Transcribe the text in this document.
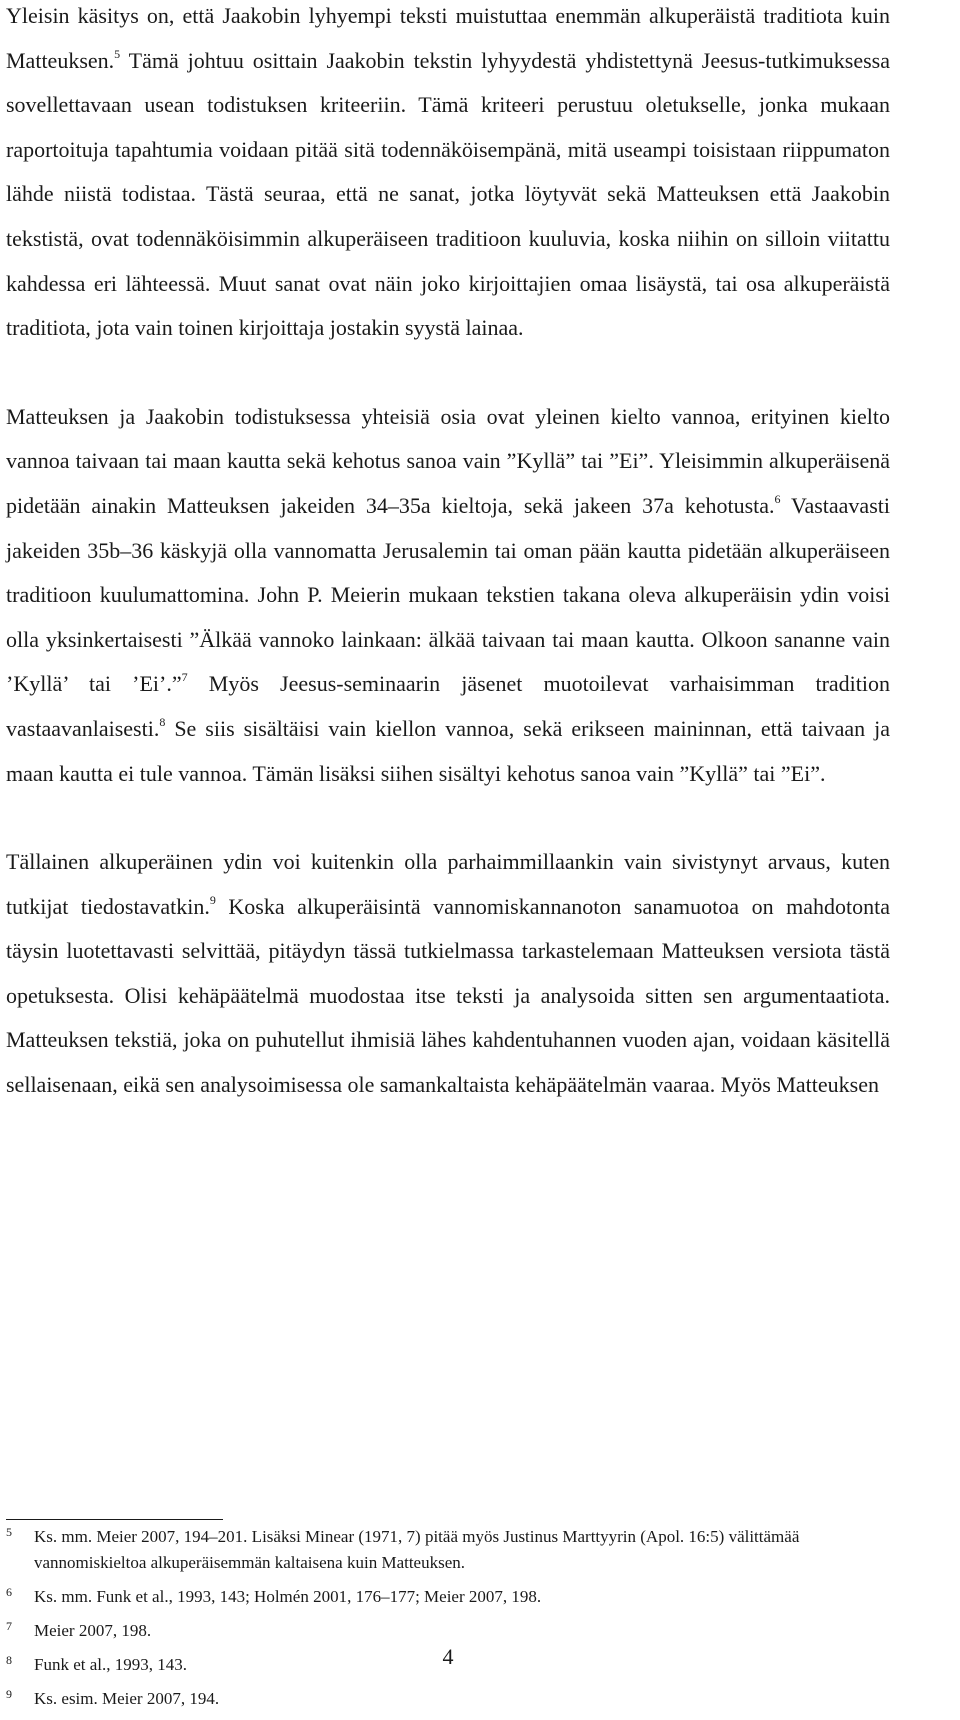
Yleisin käsitys on, että Jaakobin lyhyempi teksti muistuttaa enemmän alkuperäistä traditiota kuin Matteuksen.$^5$ Tämä johtuu osittain Jaakobin tekstin lyhyydestä yhdistettynä Jeesus-tutkimuksessa sovellettavaan usean todistuksen kriteeriin. Tämä kriteeri perustuu oletukselle, jonka mukaan raportoituja tapahtumia voidaan pitää sitä todennäköisempänä, mitä useampi toisistaan riippumaton lähde niistä todistaa. Tästä seuraa, että ne sanat, jotka löytyvät sekä Matteuksen että Jaakobin tekstistä, ovat todennäköisimmin alkuperäiseen traditioon kuuluvia, koska niihin on silloin viitattu kahdessa eri lähteessä. Muut sanat ovat näin joko kirjoittajien omaa lisäystä, tai osa alkuperäistä traditiota, jota vain toinen kirjoittaja jostakin syystä lainaa.

Matteuksen ja Jaakobin todistuksessa yhteisiä osia ovat yleinen kielto vannoa, erityinen kielto vannoa taivaan tai maan kautta sekä kehotus sanoa vain ”Kyllä” tai ”Ei”. Yleisimmin alkuperäisenä pidetään ainakin Matteuksen jakeiden 34–35a kieltoja, sekä jakeen 37a kehotusta.$^6$ Vastaavasti jakeiden 35b–36 käskyjä olla vannomatta Jerusalemin tai oman pään kautta pidetään alkuperäiseen traditioon kuulumattomina. John P. Meierin mukaan tekstien takana oleva alkuperäisin ydin voisi olla yksinkertaisesti ”Älkää vannoko lainkaan: älkää taivaan tai maan kautta. Olkoon sananne vain ’Kyllä’ tai ’Ei’.”$^7$ Myös Jeesus-seminaarin jäsenet muotoilevat varhaisimman tradition vastaavanlaisesti.$^8$ Se siis sisältäisi vain kiellon vannoa, sekä erikseen maininnan, että taivaan ja maan kautta ei tule vannoa. Tämän lisäksi siihen sisältyi kehotus sanoa vain ”Kyllä” tai ”Ei”.

Tällainen alkuperäinen ydin voi kuitenkin olla parhaimmillaankin vain sivistynyt arvaus, kuten tutkijat tiedostavatkin.$^9$ Koska alkuperäisintä vannomiskannanoton sanamuotoa on mahdotonta täysin luotettavasti selvittää, pitäydyn tässä tutkielmassa tarkastelemaan Matteuksen versiota tästä opetuksesta. Olisi kehäpäätelmä muodostaa itse teksti ja analysoida sitten sen argumentaatiota. Matteuksen tekstiä, joka on puhutellut ihmisiä lähes kahdentuhannen vuoden ajan, voidaan käsitellä sellaisenaan, eikä sen analysoimisessa ole samankaltaista kehäpäätelmän vaaraa. Myös Matteuksen

5 Ks. mm. Meier 2007, 194–201. Lisäksi Minear (1971, 7) pitää myös Justinus Marttyyrin (Apol. 16:5) välittämää vannomiskieltoa alkuperäisemmän kaltaisena kuin Matteuksen.
6 Ks. mm. Funk et al., 1993, 143; Holmén 2001, 176–177; Meier 2007, 198.
7 Meier 2007, 198.
8 Funk et al., 1993, 143.
9 Ks. esim. Meier 2007, 194.
4
